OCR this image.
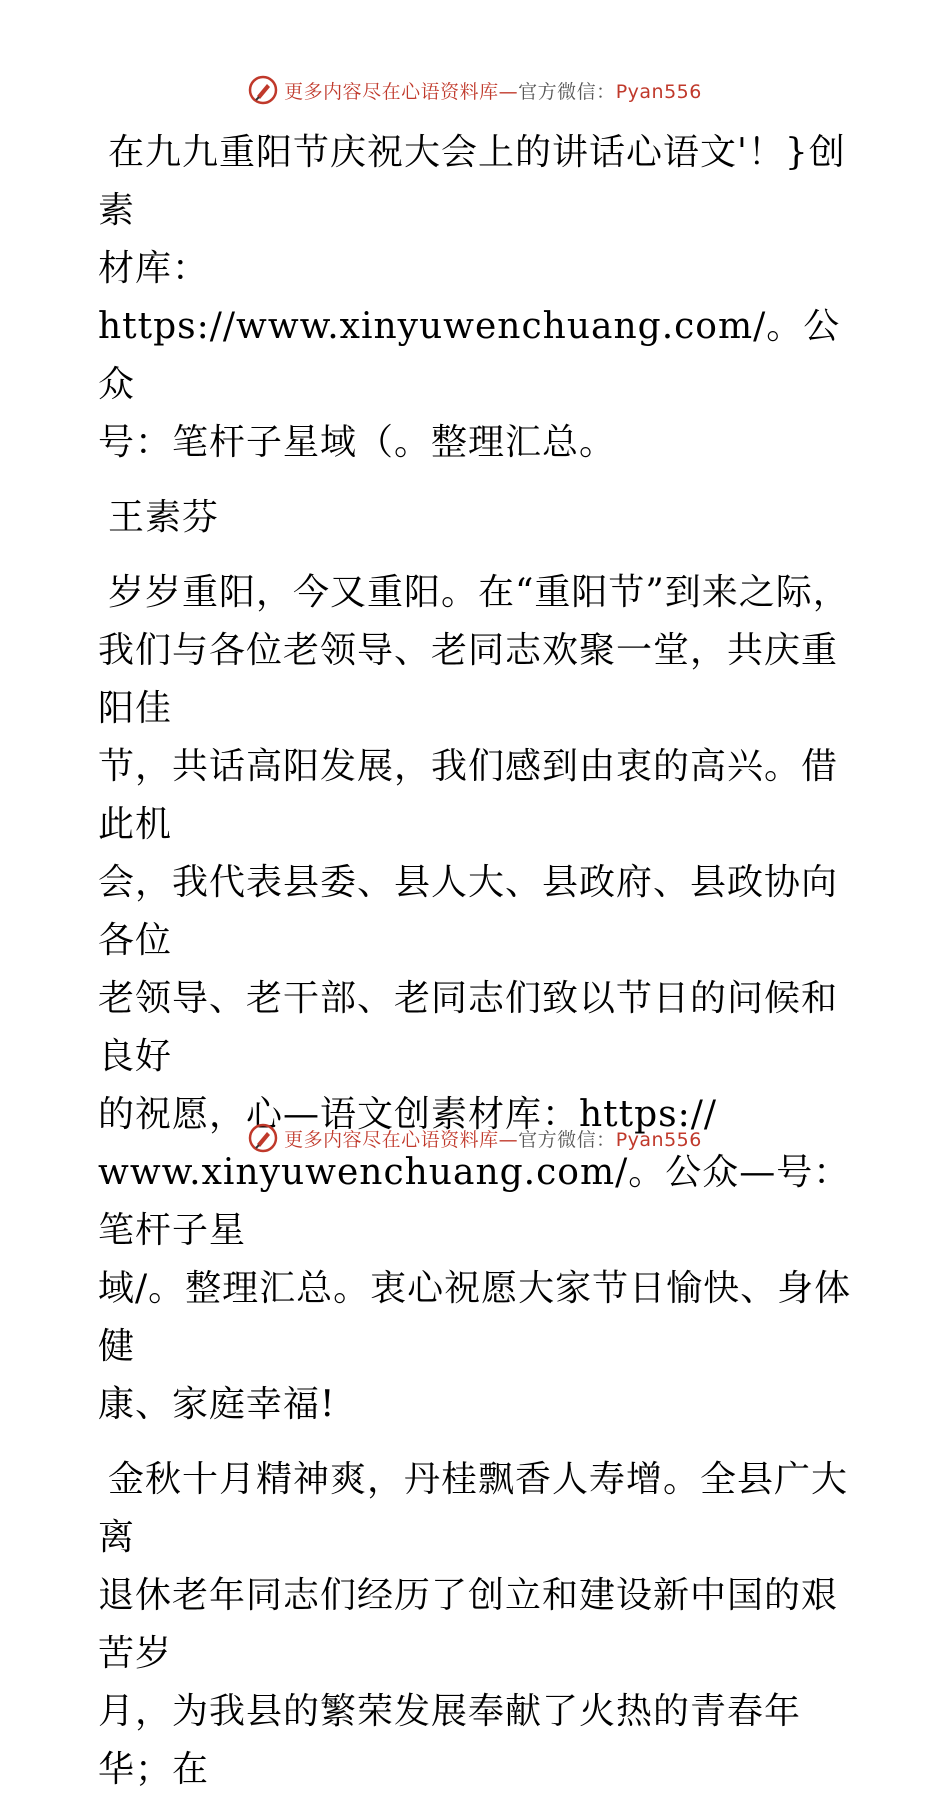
更多内容尽在心语资料库—官方微信：Pyan556

在九九重阳节庆祝大会上的讲话心语文'！}创素
材库：https://www.xinyuwenchuang.com/。公众
号：笔杆子星域（。整理汇总。

王素芬

岁岁重阳，今又重阳。在“重阳节”到来之际，
我们与各位老领导、老同志欢聚一堂，共庆重阳佳
节，共话高阳发展，我们感到由衷的高兴。借此机
会，我代表县委、县人大、县政府、县政协向各位
老领导、老干部、老同志们致以节日的问候和良好
的祝愿，心—语文创素材库：https://
www.xinyuwenchuang.com/。公众—号：笔杆子星
域/。整理汇总。衷心祝愿大家节日愉快、身体健
康、家庭幸福!

金秋十月精神爽，丹桂飘香人寿增。全县广大离
退休老年同志们经历了创立和建设新中国的艰苦岁
月，为我县的繁荣发展奉献了火热的青春年华；在

更多内容尽在心语资料库—官方微信：Pyan556
